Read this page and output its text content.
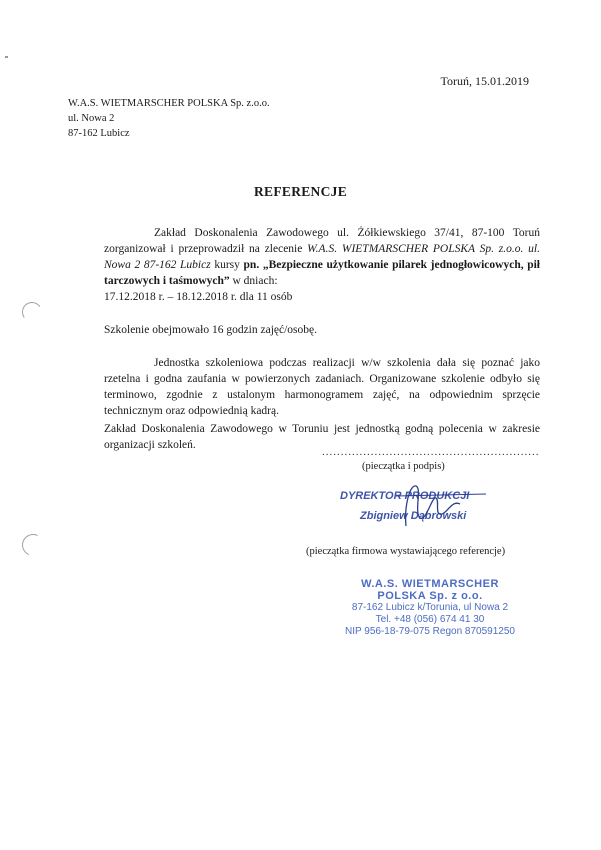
Toruń, 15.01.2019
W.A.S. WIETMARSCHER POLSKA Sp. z.o.o.
ul. Nowa 2
87-162 Lubicz
REFERENCJE
Zakład Doskonalenia Zawodowego ul. Żółkiewskiego 37/41, 87-100 Toruń zorganizował i przeprowadził na zlecenie W.A.S. WIETMARSCHER POLSKA Sp. z.o.o. ul. Nowa 2 87-162 Lubicz kursy pn. „Bezpieczne użytkowanie pilarek jednogłowicowych, pił tarczowych i taśmowych” w dniach:
17.12.2018 r. – 18.12.2018 r. dla 11 osób
Szkolenie obejmowało 16 godzin zajęć/osobę.
Jednostka szkoleniowa podczas realizacji w/w szkolenia dała się poznać jako rzetelna i godna zaufania w powierzonych zadaniach. Organizowane szkolenie odbyło się terminowo, zgodnie z ustalonym harmonogramem zajęć, na odpowiednim sprzęcie technicznym oraz odpowiednią kadrą.
Zakład Doskonalenia Zawodowego w Toruniu jest jednostką godną polecenia w zakresie organizacji szkoleń.
..........................................................
(pieczątka i podpis)
DYREKTOR PRODUKCJI
Zbigniew Dąbrowski
(pieczątka firmowa wystawiającego referencje)
W.A.S. WIETMARSCHER
POLSKA Sp. z o.o.
87-162 Lubicz k/Torunia, ul Nowa 2
Tel. +48 (056) 674 41 30
NIP 956-18-79-075 Regon 870591250
